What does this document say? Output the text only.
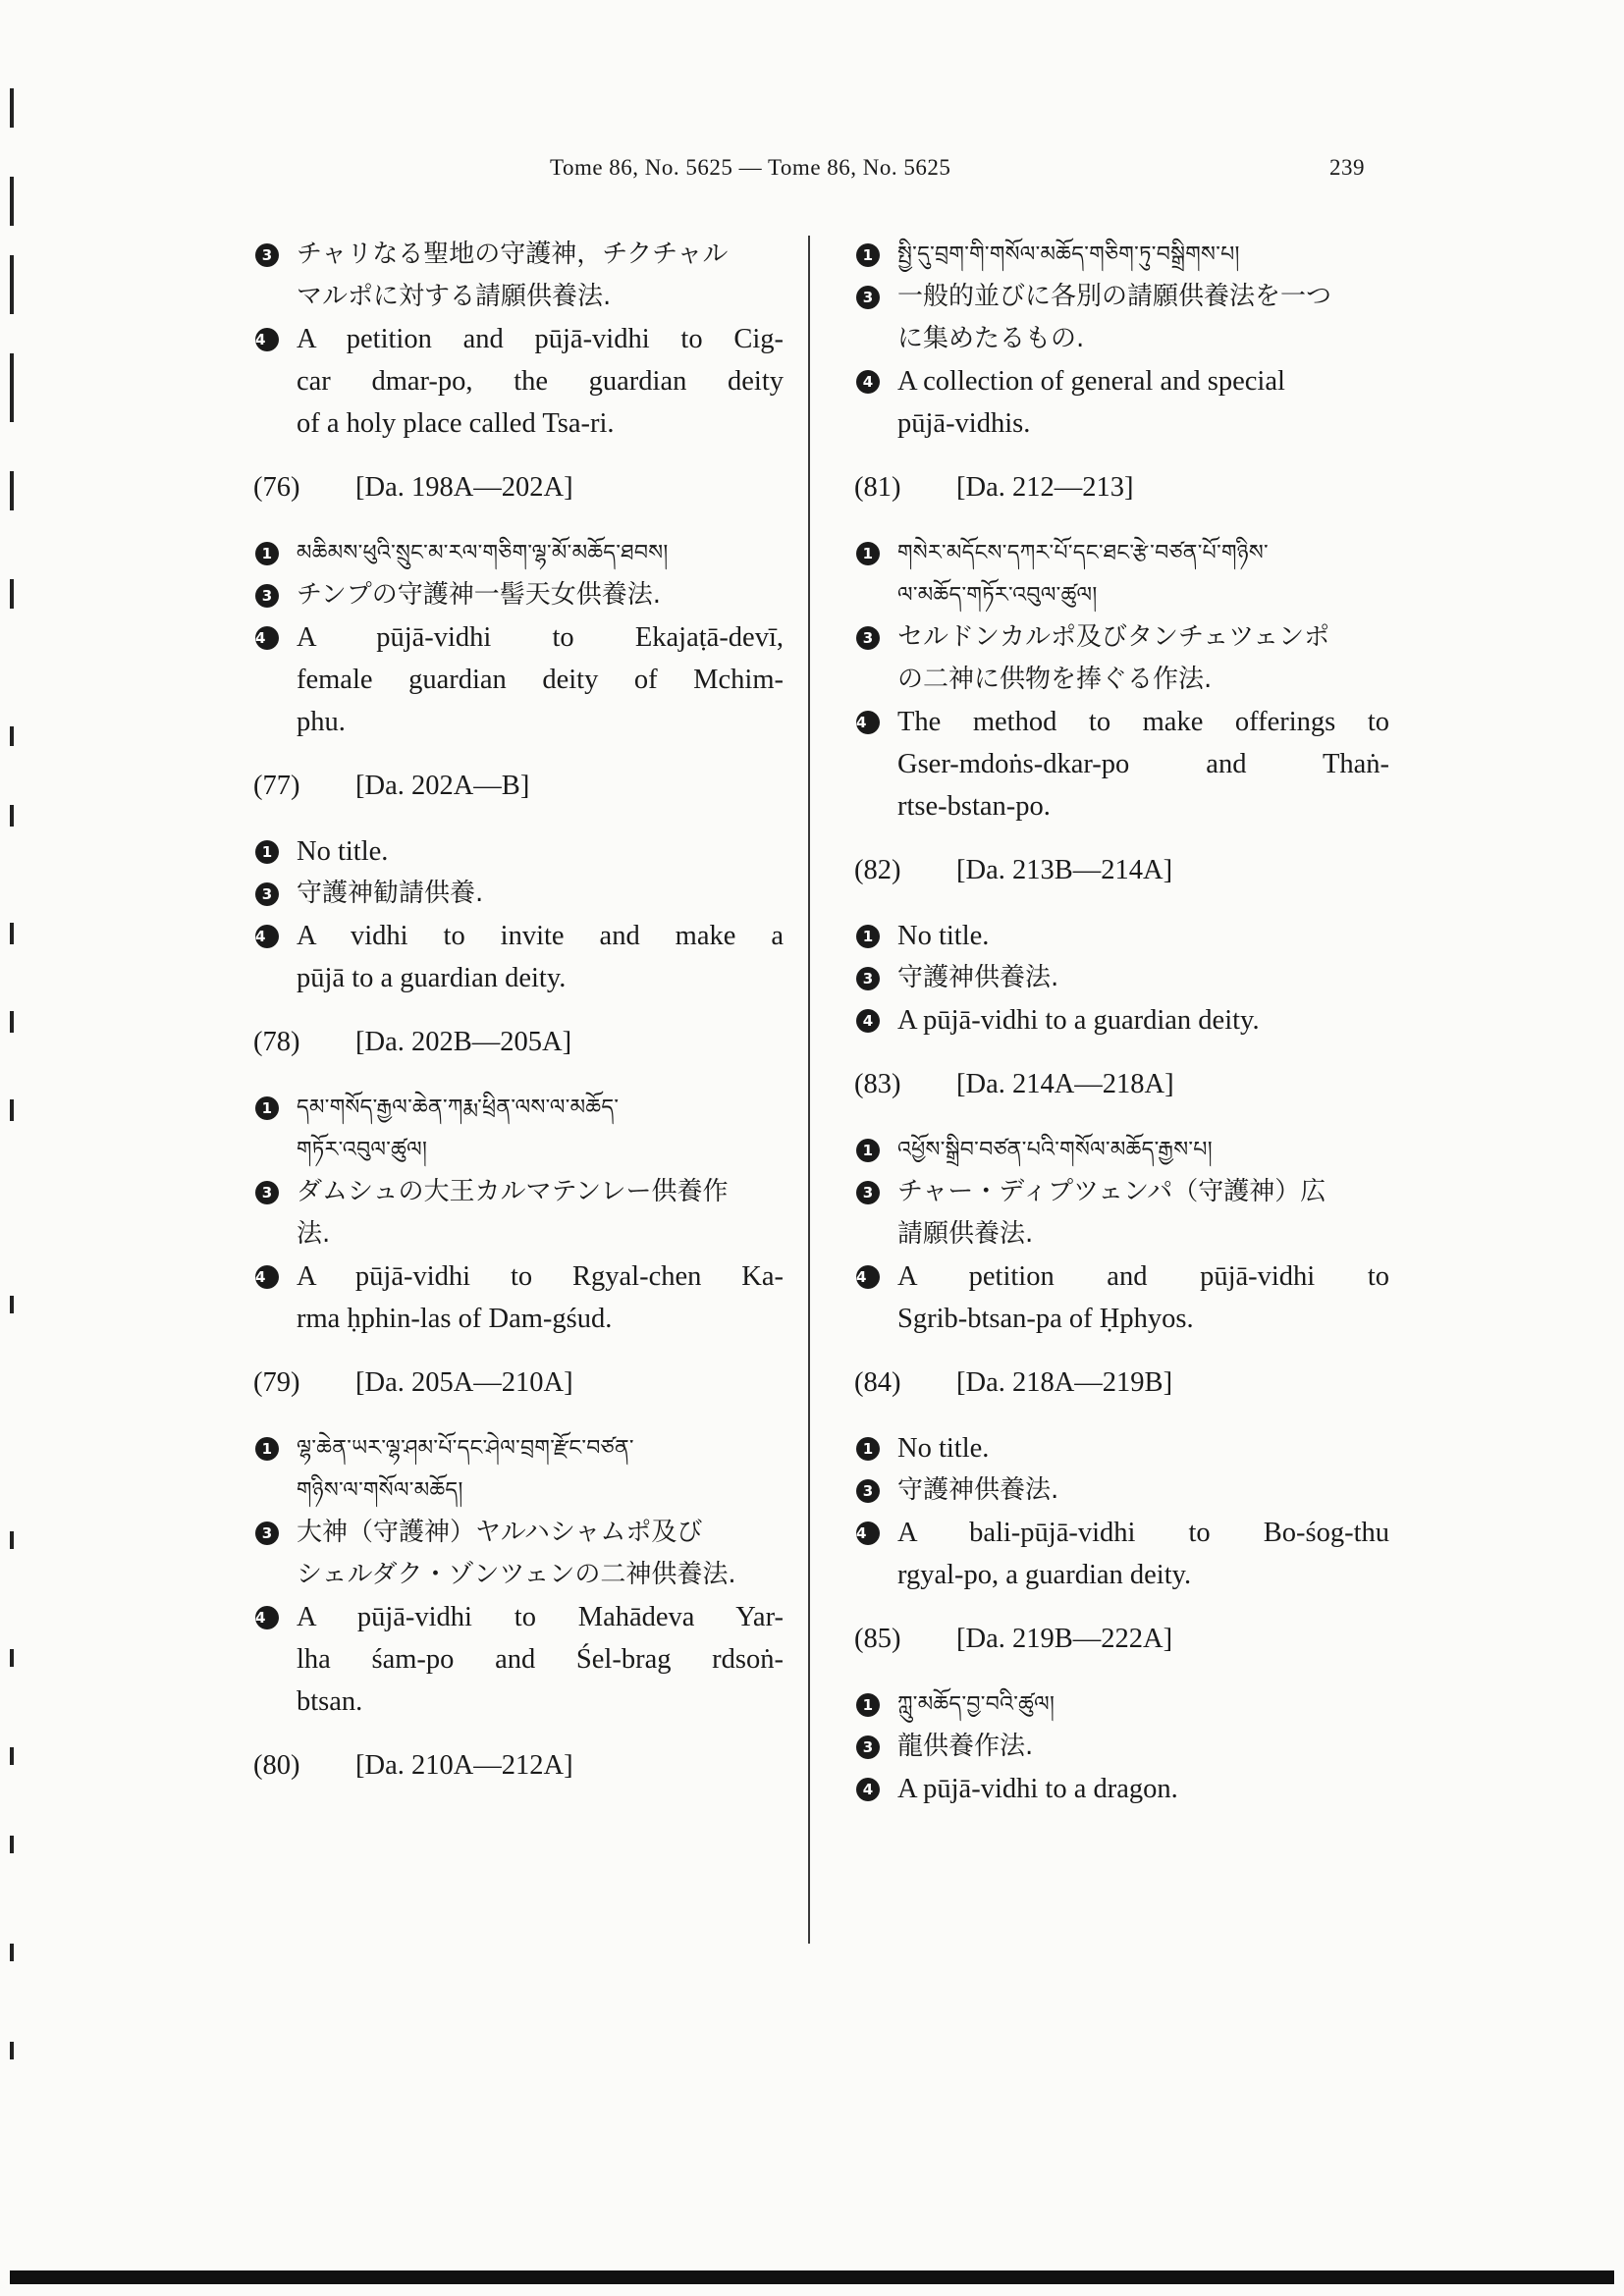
Tome 86, No. 5625 — Tome 86, No. 5625	239
3 チャリなる聖地の守護神，チクチャル
マルポに対する請願供養法.
4	A petition and pūjā-vidhi to Cig-
car dmar-po, the guardian deity
of a holy place called Tsa-ri.
(76) [Da. 198A—202A]
1	མཆིམས་ཕུའི་སྲུང་མ་རལ་གཅིག་ལྷ་མོ་མཆོད་ཐབས།
3 チンプの守護神一髻天女供養法.
4	A pūjā-vidhi to Ekajaṭā-devī,
female guardian deity of Mchim-
phu.
(77) [Da. 202A—B]
1 No title.
3 守護神勧請供養.
4	A vidhi to invite and make a
pūjā to a guardian deity.
(78) [Da. 202B—205A]
1	དམ་གསོད་རྒྱལ་ཆེན་ཀརྨ་ཕྲིན་ལས་ལ་མཆོད་
གཏོར་འབུལ་ཚུལ།
3 ダムシュの大王カルマテンレー供養作
法.
4	A pūjā-vidhi to Rgyal-chen Ka-
rma ḥphin-las of Dam-gśud.
(79) [Da. 205A—210A]
1	ལྷ་ཆེན་ཡར་ལྷ་ཤམ་པོ་དང་ཤེལ་བྲག་རྫོང་བཙན་
གཉིས་ལ་གསོལ་མཆོད།
3 大神（守護神）ヤルハシャムポ及び
シェルダク・ゾンツェンの二神供養法.
4	A pūjā-vidhi to Mahādeva Yar-
lha śam-po and Śel-brag rdsoṅ-
btsan.
(80) [Da. 210A—212A]
1	སྤྱི་དུ་བྲག་གི་གསོལ་མཆོད་གཅིག་ཏུ་བསྒྲིགས་པ།
3 一般的並びに各別の請願供養法を一つ
に集めたるもの.
4 A collection of general and special
pūjā-vidhis.
(81) [Da. 212—213]
1	གསེར་མདོངས་དཀར་པོ་དང་ཐང་རྩེ་བཙན་པོ་གཉིས་
ལ་མཆོད་གཏོར་འབུལ་ཚུལ།
3 セルドンカルポ及びタンチェツェンポ
の二神に供物を捧ぐる作法.
4	The method to make offerings to
Gser-mdoṅs-dkar-po and Thaṅ-
rtse-bstan-po.
(82) [Da. 213B—214A]
1 No title.
3 守護神供養法.
4 A pūjā-vidhi to a guardian deity.
(83) [Da. 214A—218A]
1	འཕྱོས་སྒྲིབ་བཙན་པའི་གསོལ་མཆོད་རྒྱས་པ།
3 チャー・ディプツェンパ（守護神）広
請願供養法.
4	A petition and pūjā-vidhi to
Sgrib-btsan-pa of Ḥphyos.
(84) [Da. 218A—219B]
1 No title.
3 守護神供養法.
4	A bali-pūjā-vidhi to Bo-śog-thu
rgyal-po, a guardian deity.
(85) [Da. 219B—222A]
1	ཀླུ་མཆོད་བྱ་བའི་ཚུལ།
3 龍供養作法.
4 A pūjā-vidhi to a dragon.
